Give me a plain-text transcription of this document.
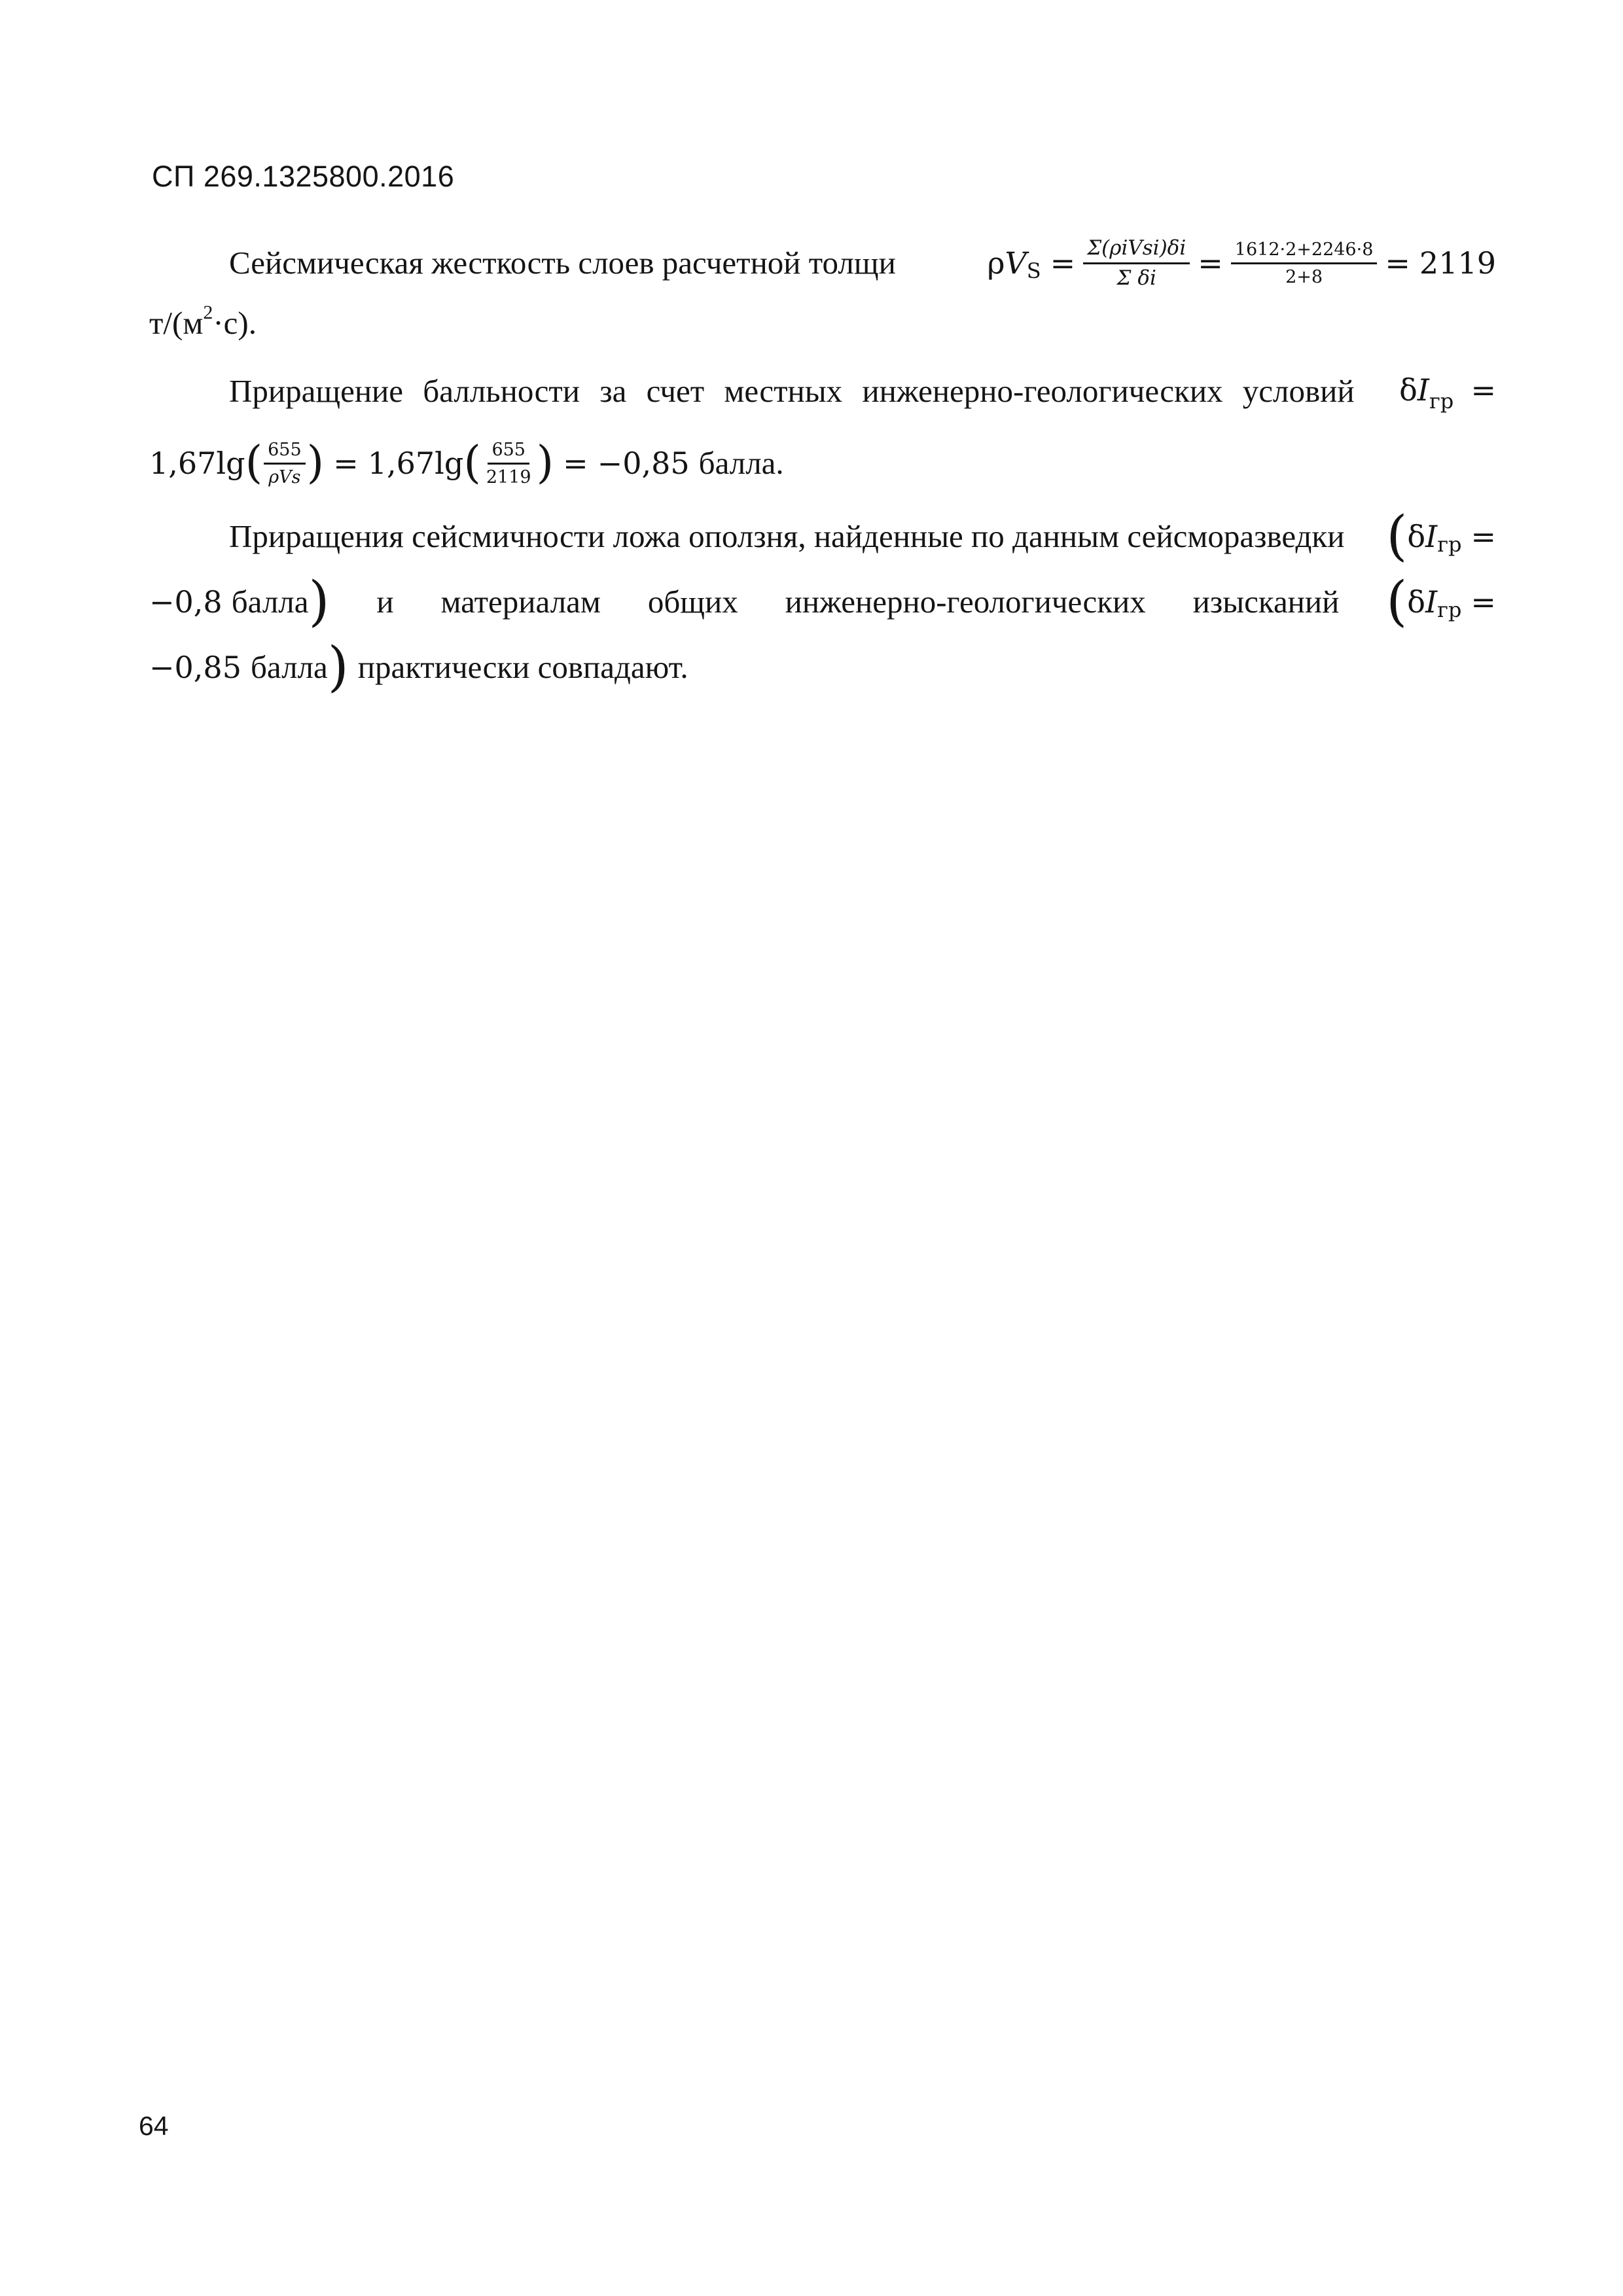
СП 269.1325800.2016
Сейсмическая жесткость слоев расчетной толщи	ρ V $S = \frac{\text{Σ(ρiVsi)δi}}{\text{Σ δi}} = \frac{1612\cdot 2+2246\cdot 8}{2+8} = 2119$
т/(м 2 ·с).
Приращение балльности за счет местных инженерно-геологических условий	$\delta I_{гр}$ =
1,67lg ( $\frac{655}{\text{ρVs}}$ ) = 1,67lg ( $\frac{655}{2119}$ ) = −0,85 балла.
Приращения сейсмичности ложа оползня, найденные по данным сейсморазведки ( δ I гр =
−0,8 балла ) и материалам общих инженерно-геологических изысканий ( δ I гр =
−0,85 балла ) практически совпадают.
64
